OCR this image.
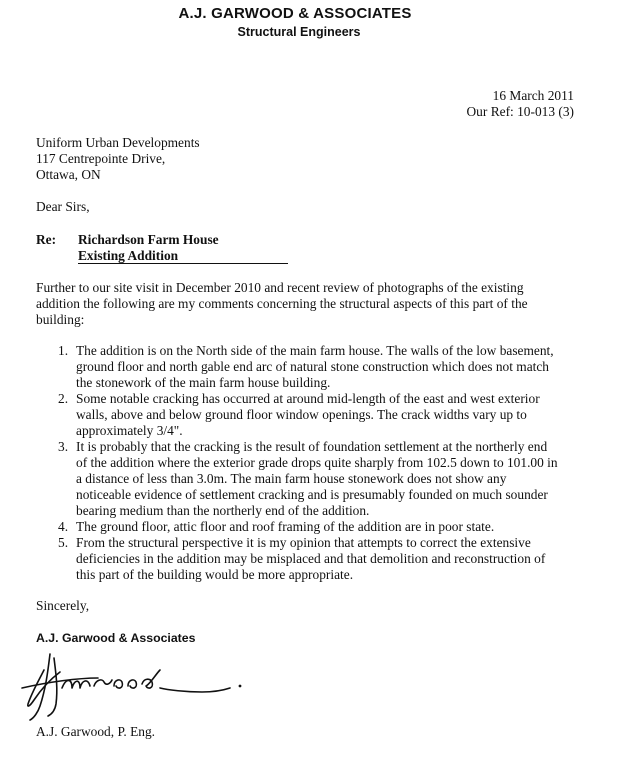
A.J. GARWOOD & ASSOCIATES
Structural Engineers
16 March 2011
Our Ref: 10-013 (3)
Uniform Urban Developments
117 Centrepointe Drive,
Ottawa, ON
Dear Sirs,
Re:	Richardson Farm House
Existing Addition
Further to our site visit in December 2010 and recent review of photographs of the existing
addition the following are my comments concerning the structural aspects of this part of the
building:
1. The addition is on the North side of the main farm house. The walls of the low basement,
ground floor and north gable end arc of natural stone construction which does not match
the stonework of the main farm house building.
2. Some notable cracking has occurred at around mid-length of the east and west exterior
walls, above and below ground floor window openings. The crack widths vary up to
approximately 3/4".
3. It is probably that the cracking is the result of foundation settlement at the northerly end
of the addition where the exterior grade drops quite sharply from 102.5 down to 101.00 in
a distance of less than 3.0m. The main farm house stonework does not show any
noticeable evidence of settlement cracking and is presumably founded on much sounder
bearing medium than the northerly end of the addition.
4. The ground floor, attic floor and roof framing of the addition are in poor state.
5. From the structural perspective it is my opinion that attempts to correct the extensive
deficiencies in the addition may be misplaced and that demolition and reconstruction of
this part of the building would be more appropriate.
Sincerely,
A.J. Garwood & Associates
A.J. Garwood, P. Eng.
